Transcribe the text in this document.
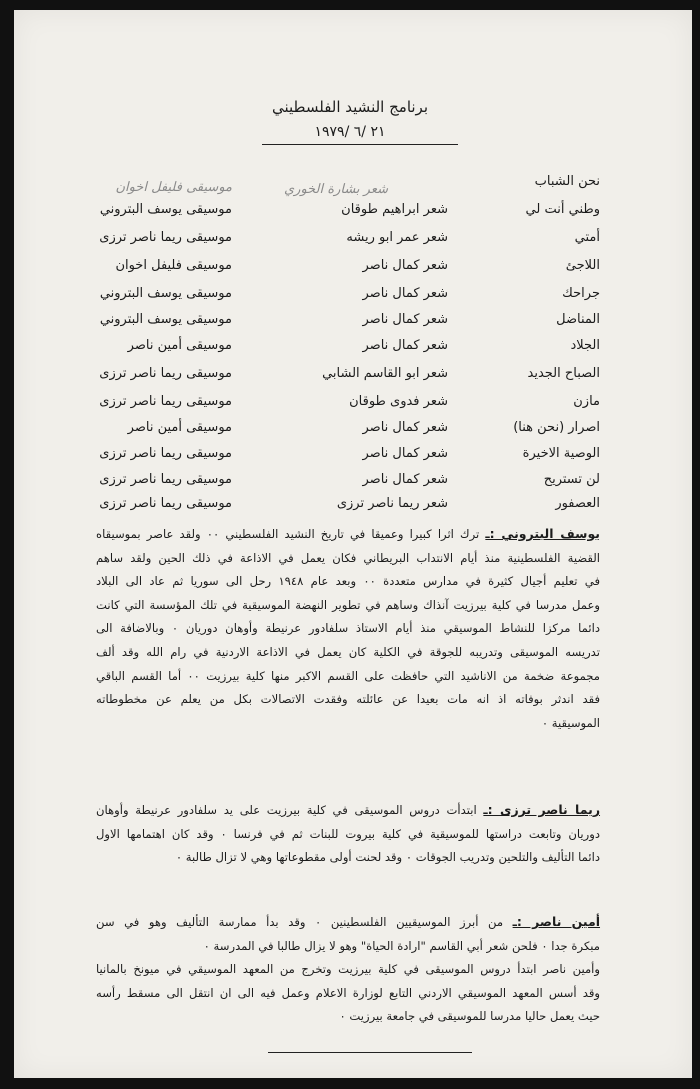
برنامج النشيد الفلسطيني
٢١ /٦ /١٩٧٩
شعر بشارة الخوري
موسيقى فليفل اخوان	نحن الشباب
وطني أنت لي
شعر ابراهيم طوقان
موسيقى يوسف البتروني
أمتي
شعر عمر ابو ريشه
موسيقى ريما ناصر ترزى
اللاجئ
شعر كمال ناصر
موسيقى فليفل اخوان
جراحك
شعر كمال ناصر
موسيقى يوسف البتروني
المناضل
شعر كمال ناصر
موسيقى يوسف البتروني
الجلاد
شعر كمال ناصر
موسيقى أمين ناصر
الصباح الجديد
شعر ابو القاسم الشابي
موسيقى ريما ناصر ترزى
مازن
شعر فدوى طوقان
موسيقى ريما ناصر ترزى
اصرار (نحن هنا)
شعر كمال ناصر
موسيقى أمين ناصر
الوصية الاخيرة
شعر كمال ناصر
موسيقى ريما ناصر ترزى
لن تستريح
شعر كمال ناصر
موسيقى ريما ناصر ترزى
العصفور
شعر ريما ناصر ترزى
موسيقى ريما ناصر ترزى
يوسف البتروني :ـ ترك اثرا كبيرا وعميقا في تاريخ النشيد الفلسطيني ٠٠ ولقد عاصر بموسيقاه
القضية الفلسطينية منذ أيام الانتداب البريطاني فكان يعمل في الاذاعة في ذلك الحين ولقد ساهم
في تعليم أجيال كثيرة في مدارس متعددة ٠٠ وبعد عام ١٩٤٨ رحل الى سوريا ثم عاد الى البلاد
وعمل مدرسا في كلية بيرزيت آنذاك وساهم في تطوير النهضة الموسيقية في تلك المؤسسة التي كانت
دائما مركزا للنشاط الموسيقي منذ أيام الاستاذ سلفادور عرنيطة وأوهان دوريان ٠ وبالاضافة الى
تدريسه الموسيقى وتدريبه للجوقة في الكلية كان يعمل في الاذاعة الاردنية في رام الله وقد ألف
مجموعة ضخمة من الاناشيد التي حافظت على القسم الاكبر منها كلية بيرزيت ٠٠ أما القسم الباقي
فقد اندثر بوفاته اذ انه مات بعيدا عن عائلته وفقدت الاتصالات بكل من يعلم عن مخطوطاته
الموسيقية ٠
ريما ناصر ترزى :ـ ابتدأت دروس الموسيقى في كلية بيرزيت على يد سلفادور عرنيطة وأوهان
دوريان وتابعت دراستها للموسيقية في كلية بيروت للبنات ثم في فرنسا ٠ وقد كان اهتمامها الاول
دائما التأليف والتلحين وتدريب الجوقات ٠ وقد لحنت أولى مقطوعاتها وهي لا تزال طالبة ٠
أمين ناصر :ـ من أبرز الموسيقيين الفلسطينين ٠ وقد بدأ ممارسة التأليف وهو في سن
مبكرة جدا ٠ فلحن شعر أبي القاسم "ارادة الحياة" وهو لا يزال طالبا في المدرسة ٠
وأمين ناصر ابتدأ دروس الموسيقى في كلية بيرزيت وتخرج من المعهد الموسيقي في ميونخ بالمانيا
وقد أسس المعهد الموسيقي الاردني التابع لوزارة الاعلام وعمل فيه الى ان انتقل الى مسقط رأسه
حيث يعمل حاليا مدرسا للموسيقى في جامعة بيرزيت ٠
